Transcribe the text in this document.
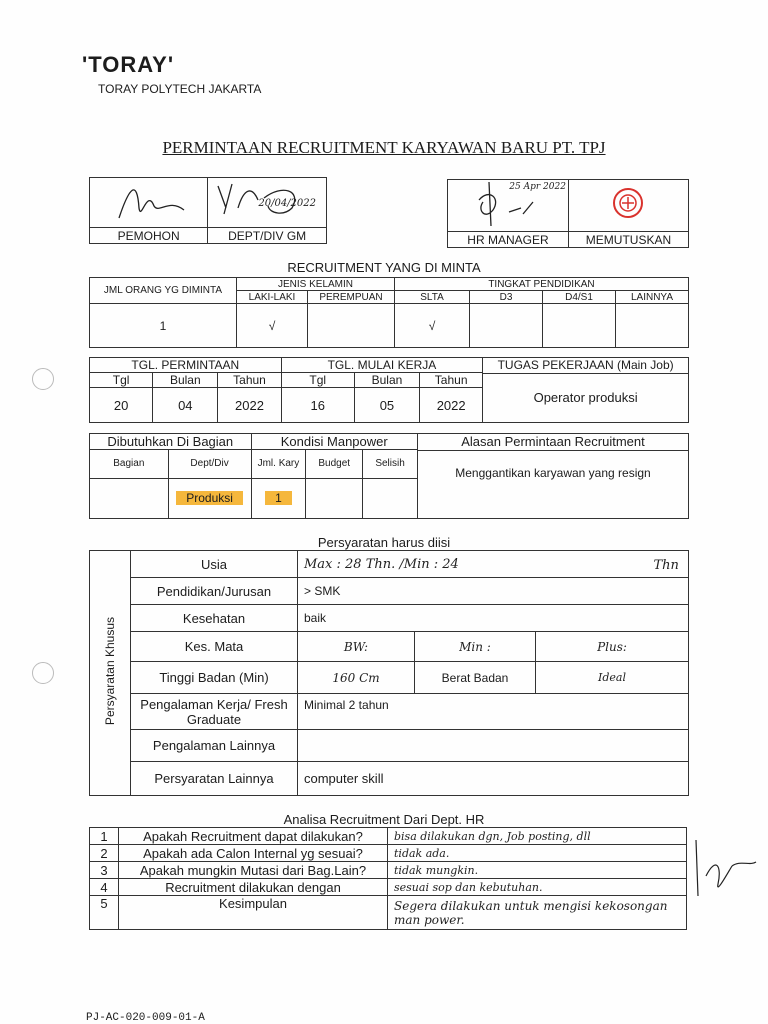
'TORAY'
TORAY POLYTECH JAKARTA
PERMINTAAN RECRUITMENT KARYAWAN BARU PT. TPJ

20/04/2022

PEMOHON	DEPT/DIV GM
25 Apr 2022

HR MANAGER	MEMUTUSKAN
RECRUITMENT YANG DI MINTA
JML ORANG YG DIMINTA	JENIS KELAMIN		TINGKAT PENDIDIKAN			
	LAKI-LAKI	PEREMPUAN	SLTA	D3	D4/S1	LAINNYA
1	√		√			
TGL. PERMINTAAN			TGL. MULAI KERJA			TUGAS PEKERJAAN (Main Job)
Operator produksi

Tgl	Bulan	Tahun	Tgl	Bulan	Tahun	
20	04	2022	16	05	2022	
Dibutuhkan Di Bagian		Kondisi Manpower			Alasan Permintaan Recruitment
Menggantikan karyawan yang resign

Bagian	Dept/Div	Jml. Kary	Budget	Selisih	
	Produksi	1			
Persyaratan harus diisi
Persyaratan Khusus	Usia	Max : 28 Thn. /Min : 24 Thn		

	Pendidikan/Jurusan	> SMK		
	Kesehatan	baik		
	Kes. Mata	BW:	Min :	Plus:
	Tinggi Badan (Min)	160 Cm	Berat Badan	Ideal
	Pengalaman Kerja/ Fresh Graduate	Minimal 2 tahun		
	Pengalaman Lainnya			
	Persyaratan Lainnya	computer skill		
Analisa Recruitment Dari Dept. HR
1	Apakah Recruitment dapat dilakukan?	bisa dilakukan dgn, Job posting, dll
2	Apakah ada Calon Internal yg sesuai?	tidak ada.
3	Apakah mungkin Mutasi dari Bag.Lain?	tidak mungkin.
4	Recruitment dilakukan dengan	sesuai sop dan kebutuhan.
5	Kesimpulan	Segera dilakukan untuk mengisi kekosongan man power.
PJ-AC-020-009-01-A
